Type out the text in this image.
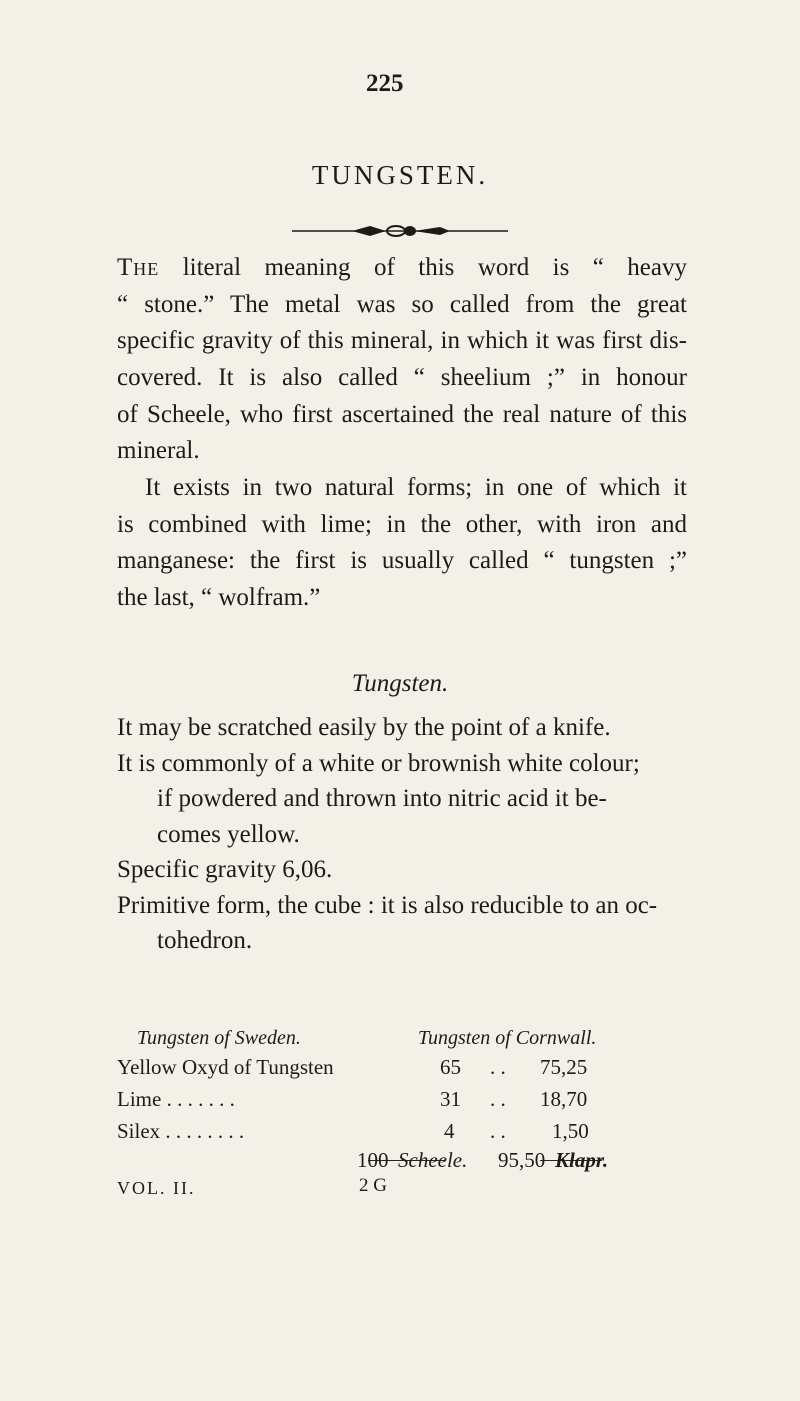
225
TUNGSTEN.
The literal meaning of this word is “ heavy
“ stone.” The metal was so called from the great
specific gravity of this mineral, in which it was first dis-
covered. It is also called “ sheelium ;” in honour
of Scheele, who first ascertained the real nature of this
mineral.
It exists in two natural forms; in one of which it
is combined with lime; in the other, with iron and
manganese: the first is usually called “ tungsten ;”
the last, “ wolfram.”
Tungsten.
It may be scratched easily by the point of a knife.
It is commonly of a white or brownish white colour;
if powdered and thrown into nitric acid it be-
comes yellow.
Specific gravity 6,06.
Primitive form, the cube : it is also reducible to an oc-
tohedron.
Tungsten of Sweden.	Tungsten of Cornwall.
Yellow Oxyd of Tungsten	65 . . 75,25
Lime . . . . . . .	31 . . 18,70
Silex . . . . . . . .	4 . . 1,50
100 Scheele. 95,50 Klapr.
VOL. II.	2 G
